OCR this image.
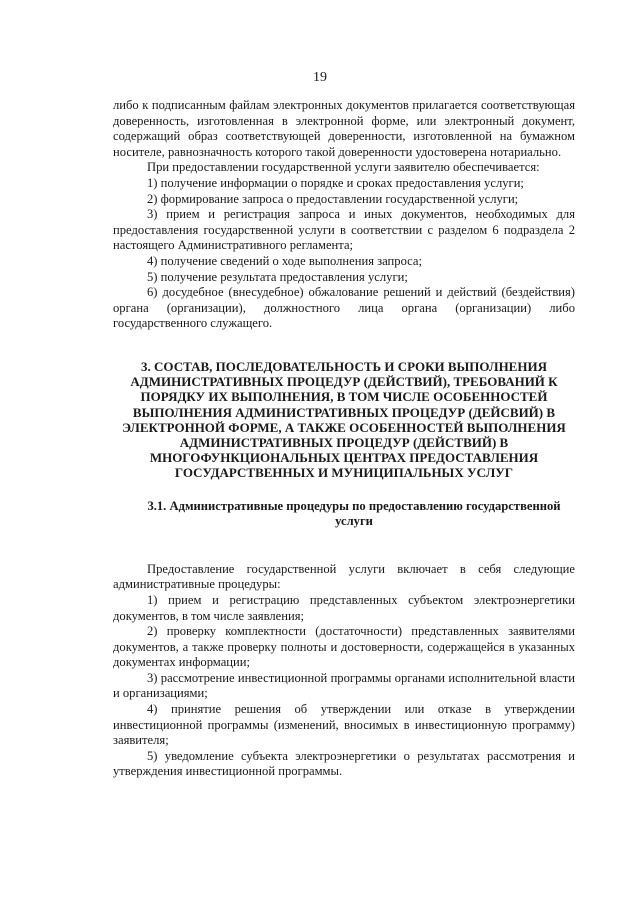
19

либо к подписанным файлам электронных документов прилагается соответствующая доверенность, изготовленная в электронной форме, или электронный документ, содержащий образ соответствующей доверенности, изготовленной на бумажном носителе, равнозначность которого такой доверенности удостоверена нотариально.

При предоставлении государственной услуги заявителю обеспечивается:

1) получение информации о порядке и сроках предоставления услуги;

2) формирование запроса о предоставлении государственной услуги;

3) прием и регистрация запроса и иных документов, необходимых для предоставления государственной услуги в соответствии с разделом 6 подраздела 2 настоящего Административного регламента;

4) получение сведений о ходе выполнения запроса;

5) получение результата предоставления услуги;

6) досудебное (внесудебное) обжалование решений и действий (бездействия) органа (организации), должностного лица органа (организации) либо государственного служащего.

3. СОСТАВ, ПОСЛЕДОВАТЕЛЬНОСТЬ И СРОКИ ВЫПОЛНЕНИЯ АДМИНИСТРАТИВНЫХ ПРОЦЕДУР (ДЕЙСТВИЙ), ТРЕБОВАНИЙ К ПОРЯДКУ ИХ ВЫПОЛНЕНИЯ, В ТОМ ЧИСЛЕ ОСОБЕННОСТЕЙ ВЫПОЛНЕНИЯ АДМИНИСТРАТИВНЫХ ПРОЦЕДУР (ДЕЙСВИЙ) В ЭЛЕКТРОННОЙ ФОРМЕ, А ТАКЖЕ ОСОБЕННОСТЕЙ ВЫПОЛНЕНИЯ АДМИНИСТРАТИВНЫХ ПРОЦЕДУР (ДЕЙСТВИЙ) В МНОГОФУНКЦИОНАЛЬНЫХ ЦЕНТРАХ ПРЕДОСТАВЛЕНИЯ ГОСУДАРСТВЕННЫХ И МУНИЦИПАЛЬНЫХ УСЛУГ
3.1. Административные процедуры по предоставлению государственной услуги

Предоставление государственной услуги включает в себя следующие административные процедуры:

1) прием и регистрацию представленных субъектом электроэнергетики документов, в том числе заявления;

2) проверку комплектности (достаточности) представленных заявителями документов, а также проверку полноты и достоверности, содержащейся в указанных документах информации;

3) рассмотрение инвестиционной программы органами исполнительной власти и организациями;

4) принятие решения об утверждении или отказе в утверждении инвестиционной программы (изменений, вносимых в инвестиционную программу) заявителя;

5) уведомление субъекта электроэнергетики о результатах рассмотрения и утверждения инвестиционной программы.
